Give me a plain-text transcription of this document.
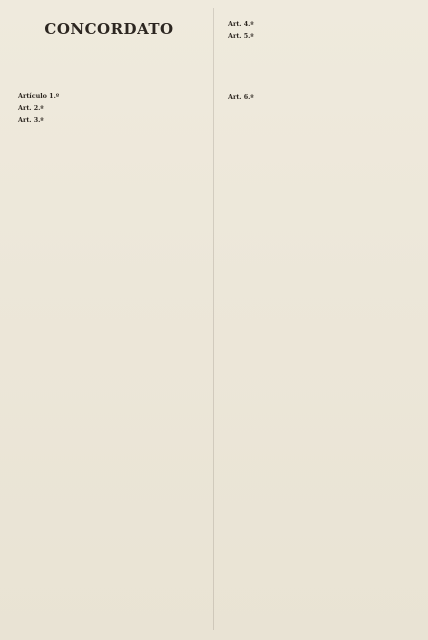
CONCORDATO

Artículo 1.º

Art. 2.º

Art. 3.º

Art. 4.º

Art. 5.º

Art. 6.º
